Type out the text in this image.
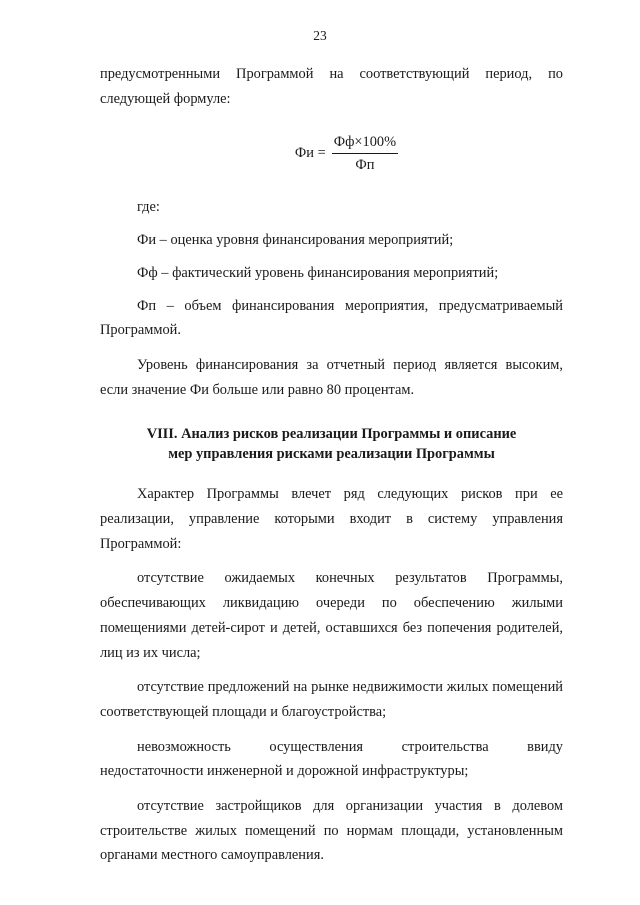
23

предусмотренными Программой на соответствующий период, по

следующей формуле:

Фи = $\frac{Фф\times 100\%}{Фп}$

где:

Фи – оценка уровня финансирования мероприятий;

Фф – фактический уровень финансирования мероприятий;

Фп – объем финансирования мероприятия, предусматриваемый Программой.

Уровень финансирования за отчетный период является высоким, если значение Фи больше или равно 80 процентам.

VIII. Анализ рисков реализации Программы и описание
мер управления рисками реализации Программы

Характер Программы влечет ряд следующих рисков при ее реализации, управление которыми входит в систему управления Программой:

отсутствие ожидаемых конечных результатов Программы, обеспечивающих ликвидацию очереди по обеспечению жилыми помещениями детей-сирот и детей, оставшихся без попечения родителей, лиц из их числа;

отсутствие предложений на рынке недвижимости жилых помещений соответствующей площади и благоустройства;

невозможность осуществления строительства ввиду недостаточности инженерной и дорожной инфраструктуры;

отсутствие застройщиков для организации участия в долевом строительстве жилых помещений по нормам площади, установленным органами местного самоуправления.
